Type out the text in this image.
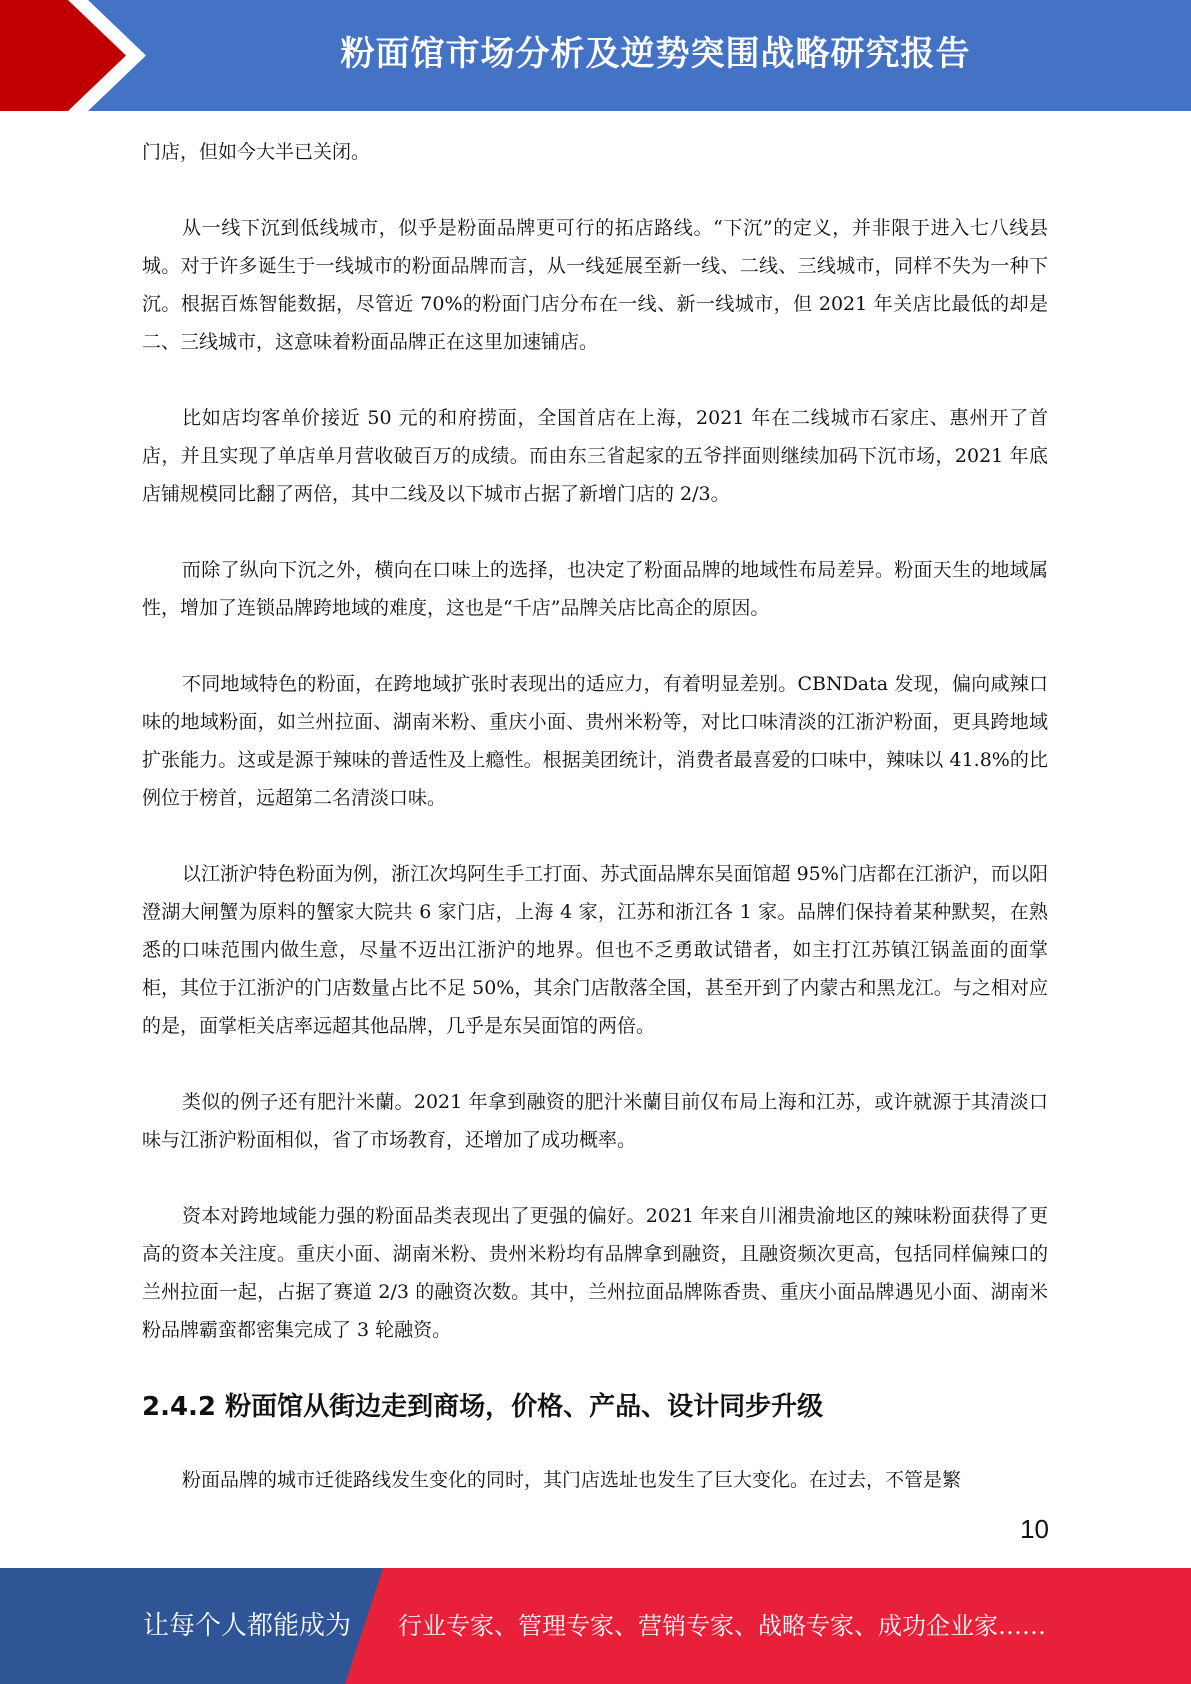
粉面馆市场分析及逆势突围战略研究报告

门店，但如今大半已关闭。

从一线下沉到低线城市，似乎是粉面品牌更可行的拓店路线。“下沉”的定义，并非限于进入七八线县城。对于许多诞生于一线城市的粉面品牌而言，从一线延展至新一线、二线、三线城市，同样不失为一种下沉。根据百炼智能数据，尽管近 70%的粉面门店分布在一线、新一线城市，但 2021 年关店比最低的却是二、三线城市，这意味着粉面品牌正在这里加速铺店。

比如店均客单价接近 50 元的和府捞面，全国首店在上海，2021 年在二线城市石家庄、惠州开了首店，并且实现了单店单月营收破百万的成绩。而由东三省起家的五爷拌面则继续加码下沉市场，2021 年底店铺规模同比翻了两倍，其中二线及以下城市占据了新增门店的 2/3。

而除了纵向下沉之外，横向在口味上的选择，也决定了粉面品牌的地域性布局差异。粉面天生的地域属性，增加了连锁品牌跨地域的难度，这也是“千店”品牌关店比高企的原因。

不同地域特色的粉面，在跨地域扩张时表现出的适应力，有着明显差别。CBNData 发现，偏向咸辣口味的地域粉面，如兰州拉面、湖南米粉、重庆小面、贵州米粉等，对比口味清淡的江浙沪粉面，更具跨地域扩张能力。这或是源于辣味的普适性及上瘾性。根据美团统计，消费者最喜爱的口味中，辣味以 41.8%的比例位于榜首，远超第二名清淡口味。

以江浙沪特色粉面为例，浙江次坞阿生手工打面、苏式面品牌东吴面馆超 95%门店都在江浙沪，而以阳澄湖大闸蟹为原料的蟹家大院共 6 家门店，上海 4 家，江苏和浙江各 1 家。品牌们保持着某种默契，在熟悉的口味范围内做生意，尽量不迈出江浙沪的地界。但也不乏勇敢试错者，如主打江苏镇江锅盖面的面掌柜，其位于江浙沪的门店数量占比不足 50%，其余门店散落全国，甚至开到了内蒙古和黑龙江。与之相对应的是，面掌柜关店率远超其他品牌，几乎是东吴面馆的两倍。

类似的例子还有肥汁米蘭。2021 年拿到融资的肥汁米蘭目前仅布局上海和江苏，或许就源于其清淡口味与江浙沪粉面相似，省了市场教育，还增加了成功概率。

资本对跨地域能力强的粉面品类表现出了更强的偏好。2021 年来自川湘贵渝地区的辣味粉面获得了更高的资本关注度。重庆小面、湖南米粉、贵州米粉均有品牌拿到融资，且融资频次更高，包括同样偏辣口的兰州拉面一起，占据了赛道 2/3 的融资次数。其中，兰州拉面品牌陈香贵、重庆小面品牌遇见小面、湖南米粉品牌霸蛮都密集完成了 3 轮融资。

2.4.2 粉面馆从街边走到商场，价格、产品、设计同步升级

粉面品牌的城市迁徙路线发生变化的同时，其门店选址也发生了巨大变化。在过去，不管是繁

10
让每个人都能成为 行业专家、管理专家、营销专家、战略专家、成功企业家……
